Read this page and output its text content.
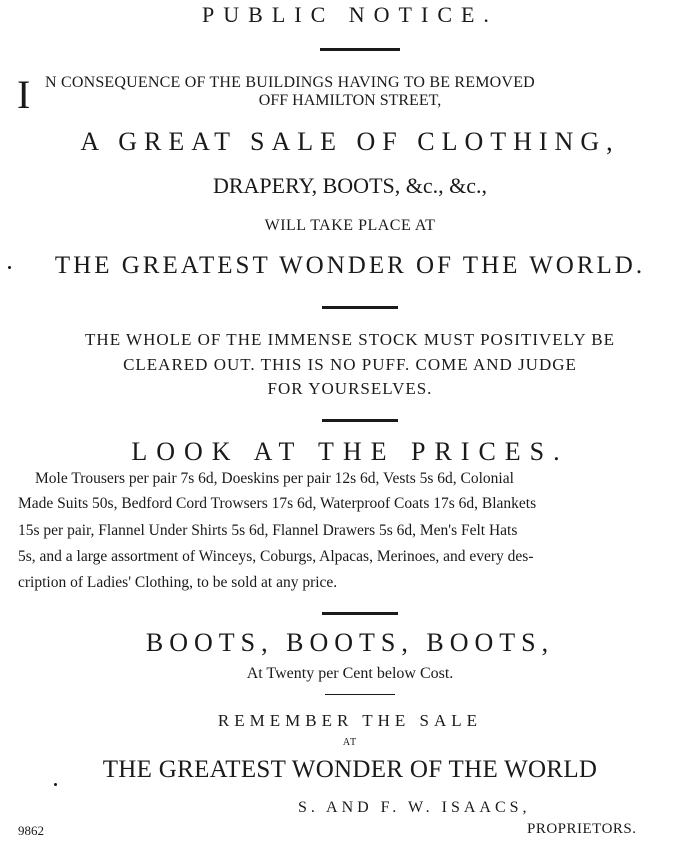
PUBLIC NOTICE.
I N CONSEQUENCE OF THE BUILDINGS HAVING TO BE REMOVED
OFF HAMILTON STREET,
A GREAT SALE OF CLOTHING,
DRAPERY, BOOTS, &c., &c.,
WILL TAKE PLACE AT
THE GREATEST WONDER OF THE WORLD.
THE WHOLE OF THE IMMENSE STOCK MUST POSITIVELY BE
CLEARED OUT. THIS IS NO PUFF. COME AND JUDGE
FOR YOURSELVES.
LOOK AT THE PRICES.
Mole Trousers per pair 7s 6d, Doeskins per pair 12s 6d, Vests 5s 6d, Colonial
Made Suits 50s, Bedford Cord Trowsers 17s 6d, Waterproof Coats 17s 6d, Blankets
15s per pair, Flannel Under Shirts 5s 6d, Flannel Drawers 5s 6d, Men's Felt Hats
5s, and a large assortment of Winceys, Coburgs, Alpacas, Merinoes, and every des-
cription of Ladies' Clothing, to be sold at any price.
BOOTS, BOOTS, BOOTS,
At Twenty per Cent below Cost.
REMEMBER THE SALE
AT
THE GREATEST WONDER OF THE WORLD
S. AND F. W. ISAACS,
9862	PROPRIETORS.
